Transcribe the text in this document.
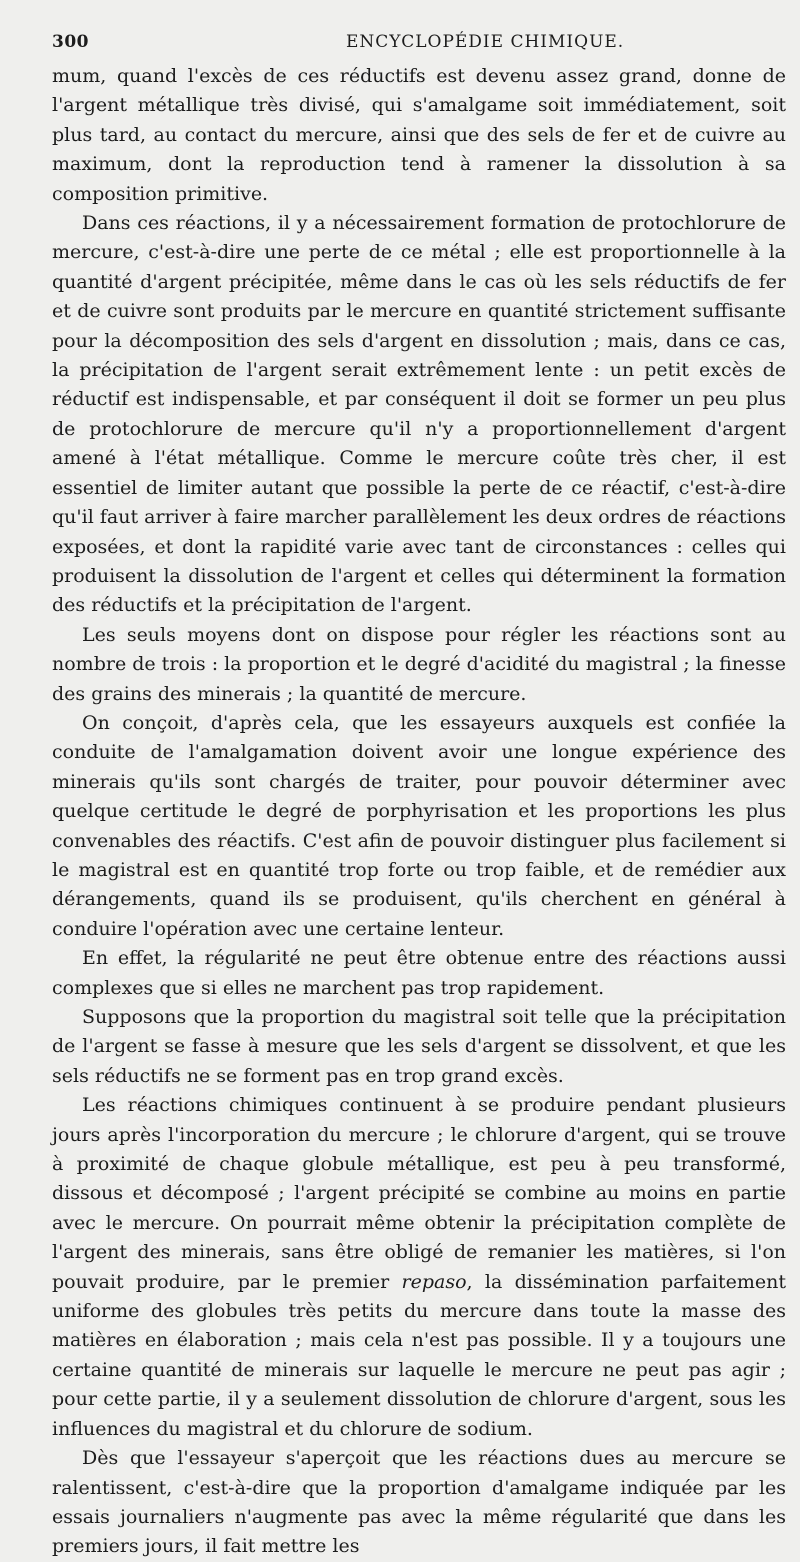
300	ENCYCLOPÉDIE CHIMIQUE.

mum, quand l'excès de ces réductifs est devenu assez grand, donne de l'argent métallique très divisé, qui s'amalgame soit immédiatement, soit plus tard, au contact du mercure, ainsi que des sels de fer et de cuivre au maximum, dont la reproduction tend à ramener la dissolution à sa composition primitive.

Dans ces réactions, il y a nécessairement formation de protochlorure de mercure, c'est-à-dire une perte de ce métal ; elle est proportionnelle à la quantité d'argent précipitée, même dans le cas où les sels réductifs de fer et de cuivre sont produits par le mercure en quantité strictement suffisante pour la décomposition des sels d'argent en dissolution ; mais, dans ce cas, la précipitation de l'argent serait extrêmement lente : un petit excès de réductif est indispensable, et par conséquent il doit se former un peu plus de protochlorure de mercure qu'il n'y a proportionnellement d'argent amené à l'état métallique. Comme le mercure coûte très cher, il est essentiel de limiter autant que possible la perte de ce réactif, c'est-à-dire qu'il faut arriver à faire marcher parallèlement les deux ordres de réactions exposées, et dont la rapidité varie avec tant de circonstances : celles qui produisent la dissolution de l'argent et celles qui déterminent la formation des réductifs et la précipitation de l'argent.

Les seuls moyens dont on dispose pour régler les réactions sont au nombre de trois : la proportion et le degré d'acidité du magistral ; la finesse des grains des minerais ; la quantité de mercure.

On conçoit, d'après cela, que les essayeurs auxquels est confiée la conduite de l'amalgamation doivent avoir une longue expérience des minerais qu'ils sont chargés de traiter, pour pouvoir déterminer avec quelque certitude le degré de porphyrisation et les proportions les plus convenables des réactifs. C'est afin de pouvoir distinguer plus facilement si le magistral est en quantité trop forte ou trop faible, et de remédier aux dérangements, quand ils se produisent, qu'ils cherchent en général à conduire l'opération avec une certaine lenteur.

En effet, la régularité ne peut être obtenue entre des réactions aussi complexes que si elles ne marchent pas trop rapidement.

Supposons que la proportion du magistral soit telle que la précipitation de l'argent se fasse à mesure que les sels d'argent se dissolvent, et que les sels réductifs ne se forment pas en trop grand excès.

Les réactions chimiques continuent à se produire pendant plusieurs jours après l'incorporation du mercure ; le chlorure d'argent, qui se trouve à proximité de chaque globule métallique, est peu à peu transformé, dissous et décomposé ; l'argent précipité se combine au moins en partie avec le mercure. On pourrait même obtenir la précipitation complète de l'argent des minerais, sans être obligé de remanier les matières, si l'on pouvait produire, par le premier repaso, la dissémination parfaitement uniforme des globules très petits du mercure dans toute la masse des matières en élaboration ; mais cela n'est pas possible. Il y a toujours une certaine quantité de minerais sur laquelle le mercure ne peut pas agir ; pour cette partie, il y a seulement dissolution de chlorure d'argent, sous les influences du magistral et du chlorure de sodium.

Dès que l'essayeur s'aperçoit que les réactions dues au mercure se ralentissent, c'est-à-dire que la proportion d'amalgame indiquée par les essais journaliers n'augmente pas avec la même régularité que dans les premiers jours, il fait mettre les
